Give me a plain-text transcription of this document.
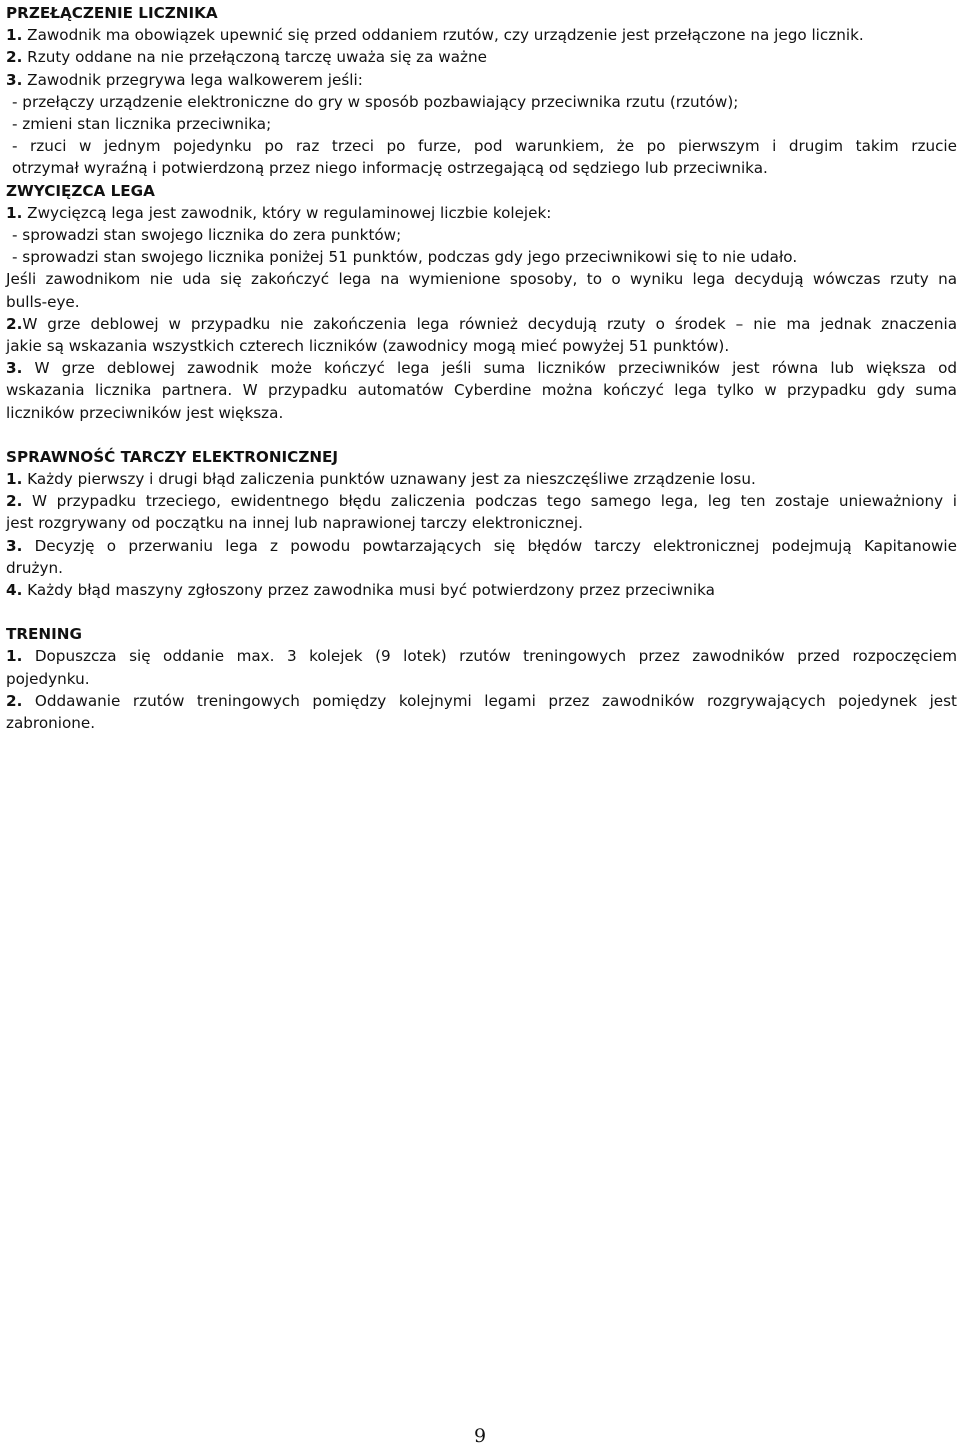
PRZEŁĄCZENIE LICZNIKA
1. Zawodnik ma obowiązek upewnić się przed oddaniem rzutów, czy urządzenie jest przełączone na jego licznik.
2. Rzuty oddane na nie przełączoną tarczę uważa się za ważne
3. Zawodnik przegrywa lega walkowerem jeśli:
- przełączy urządzenie elektroniczne do gry w sposób pozbawiający przeciwnika rzutu (rzutów);
- zmieni stan licznika przeciwnika;
- rzuci w jednym pojedynku po raz trzeci po furze, pod warunkiem, że po pierwszym i drugim takim rzucie
otrzymał wyraźną i potwierdzoną przez niego informację ostrzegającą od sędziego lub przeciwnika.
ZWYCIĘZCA LEGA
1. Zwycięzcą lega jest zawodnik, który w regulaminowej liczbie kolejek:
- sprowadzi stan swojego licznika do zera punktów;
- sprowadzi stan swojego licznika poniżej 51 punktów, podczas gdy jego przeciwnikowi się to nie udało.
Jeśli zawodnikom nie uda się zakończyć lega na wymienione sposoby, to o wyniku lega decydują wówczas rzuty na
bulls-eye.
2.W grze deblowej w przypadku nie zakończenia lega również decydują rzuty o środek – nie ma jednak znaczenia
jakie są wskazania wszystkich czterech liczników (zawodnicy mogą mieć powyżej 51 punktów).
3. W grze deblowej zawodnik może kończyć lega jeśli suma liczników przeciwników jest równa lub większa od
wskazania licznika partnera. W przypadku automatów Cyberdine można kończyć lega tylko w przypadku gdy suma
liczników przeciwników jest większa.
SPRAWNOŚĆ TARCZY ELEKTRONICZNEJ
1. Każdy pierwszy i drugi błąd zaliczenia punktów uznawany jest za nieszczęśliwe zrządzenie losu.
2. W przypadku trzeciego, ewidentnego błędu zaliczenia podczas tego samego lega, leg ten zostaje unieważniony i
jest rozgrywany od początku na innej lub naprawionej tarczy elektronicznej.
3. Decyzję o przerwaniu lega z powodu powtarzających się błędów tarczy elektronicznej podejmują Kapitanowie
drużyn.
4. Każdy błąd maszyny zgłoszony przez zawodnika musi być potwierdzony przez przeciwnika
TRENING
1. Dopuszcza się oddanie max. 3 kolejek (9 lotek) rzutów treningowych przez zawodników przed rozpoczęciem
pojedynku.
2. Oddawanie rzutów treningowych pomiędzy kolejnymi legami przez zawodników rozgrywających pojedynek jest
zabronione.
9
